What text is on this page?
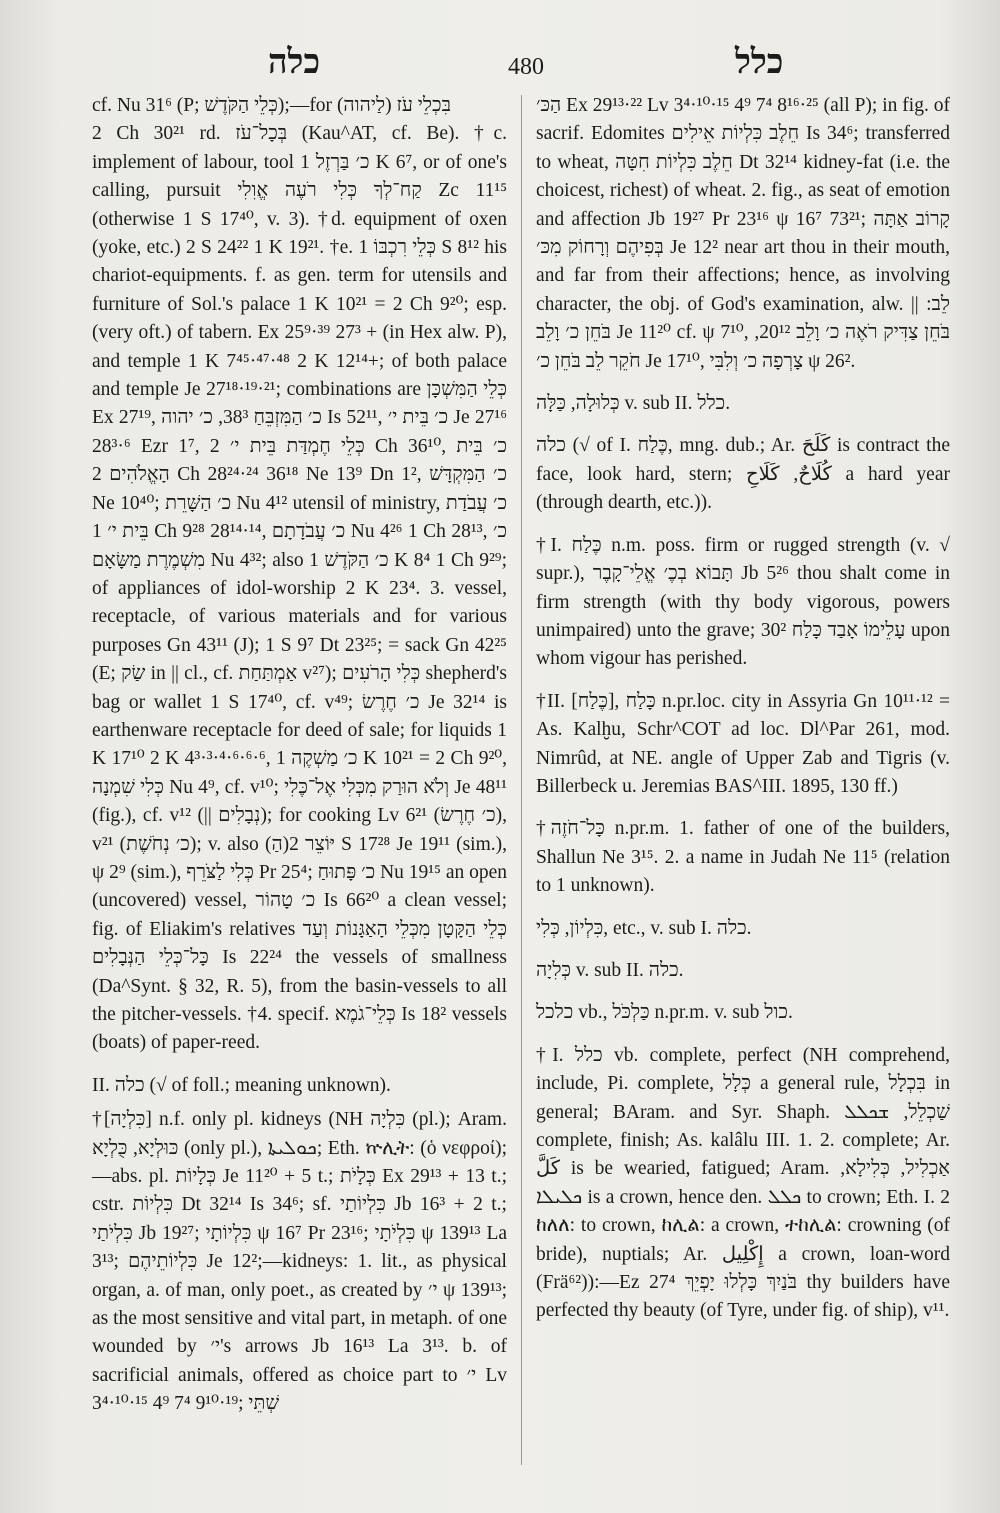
כלה	480	כלל

cf. Nu 31⁶ (P; כְּלֵי הַקֹּדֶשׁ);—for בִּכְלֵי עֹז (לַיהוה)

2 Ch 30²¹ rd. בְּכָל־עֹז (Kau^AT, cf. Be). †c. implement of labour, tool כ׳ בַּרְזֶל 1 K 6⁷, or of one's calling, pursuit קַח־לְךָ כְּלִי רֹעֶה אֱוִלִי Zc 11¹⁵ (otherwise 1 S 17⁴⁰, v. 3). †d. equipment of oxen (yoke, etc.) 2 S 24²² 1 K 19²¹. †e. כְּלֵי רִכְבּוֹ 1 S 8¹² his chariot-equipments. f. as gen. term for utensils and furniture of Sol.'s palace 1 K 10²¹ = 2 Ch 9²⁰; esp. (very oft.) of tabern. Ex 25⁹·³⁹ 27³ + (in Hex alw. P), and temple 1 K 7⁴⁵·⁴⁷·⁴⁸ 2 K 12¹⁴+; of both palace and temple Je 27¹⁸·¹⁹·²¹; combinations are כְּלֵי הַמִּשְׁכָּן Ex 27¹⁹, כ׳ הַמִּזְבֵּחַ 38³, כ׳ יהוה Is 52¹¹, כ׳ בֵּית י׳ Je 27¹⁶ 28³·⁶ Ezr 1⁷, כְּלֵי חֶמְדַּת בֵּית י׳ 2 Ch 36¹⁰, כ׳ בֵּית הָאֱלֹהִים 2 Ch 28²⁴·²⁴ 36¹⁸ Ne 13⁹ Dn 1², כ׳ הַמִּקְדָּשׁ Ne 10⁴⁰; כ׳ הַשָּׁרֵת Nu 4¹² utensil of ministry, כ׳ עֲבֹדַת בֵּית י׳ 1 Ch 9²⁸ 28¹⁴·¹⁴, כ׳ עֲבֹדָתָם Nu 4²⁶ 1 Ch 28¹³, כ׳ מִשְׁמֶרֶת מַשָּׂאָם Nu 4³²; also כ׳ הַקֹּדֶשׁ 1 K 8⁴ 1 Ch 9²⁹; of appliances of idol-worship 2 K 23⁴. 3. vessel, receptacle, of various materials and for various purposes Gn 43¹¹ (J); 1 S 9⁷ Dt 23²⁵; = sack Gn 42²⁵ (E; שַׂק in || cl., cf. אַמְתַּחַת v²⁷); כְּלִי הָרֹעִים shepherd's bag or wallet 1 S 17⁴⁰, cf. v⁴⁹; כ׳ חֶרֶשׂ Je 32¹⁴ is earthenware receptacle for deed of sale; for liquids 1 K 17¹⁰ 2 K 4³·³·⁴·⁶·⁶·⁶, כ׳ מַשְׁקֶה 1 K 10²¹ = 2 Ch 9²⁰, כְּלִי שִׁמְנָה Nu 4⁹, cf. v¹⁰; וְלֹא הוּרַק מִכְּלִי אֶל־כֶּלִי Je 48¹¹ (fig.), cf. v¹² (|| נְבָלִים); for cooking Lv 6²¹ (כ׳ חֶרֶשׂ), v²¹ (כ׳ נְחֹשֶׁת); v. also (הַ)יּוֹצֵר 2 S 17²⁸ Je 19¹¹ (sim.), ψ 2⁹ (sim.), כְּלִי לַצֹּרֵף Pr 25⁴; כ׳ פָּתוּחַ Nu 19¹⁵ an open (uncovered) vessel, כ׳ טָהוֹר Is 66²⁰ a clean vessel; fig. of Eliakim's relatives כְּלֵי הַקָּטָן מִכְּלֵי הָאַגָּנוֹת וְעַד כָּל־כְּלֵי הַנְּבָלִים Is 22²⁴ the vessels of smallness (Da^Synt. § 32, R. 5), from the basin-vessels to all the pitcher-vessels. †4. specif. כְּלֵי־גֹמֶא Is 18² vessels (boats) of paper-reed.

II. כלה (√ of foll.; meaning unknown).

†[כִּלְיָה] n.f. only pl. kidneys (NH כִּלְיָה (pl.); Aram. כּוּלְיָא, כֻּלְיָא (only pl.), ܟܘܠܝܬܐ; Eth. ኵሊት: (ὁ νεφρoί);—abs. pl. כְּלָיוֹת Je 11²⁰ + 5 t.; כְּלָיֹת Ex 29¹³ + 13 t.; cstr. כִּלְיוֹת Dt 32¹⁴ Is 34⁶; sf. כִּלְיוֹתַי Jb 16³ + 2 t.; כִּלְיֹתַי Jb 19²⁷; כִּלְיוֹתָי ψ 16⁷ Pr 23¹⁶; כִּלְיֹתָי ψ 139¹³ La 3¹³; כִּלְיוֹתֵיהֶם Je 12²;—kidneys: 1. lit., as physical organ, a. of man, only poet., as created by י׳ ψ 139¹³; as the most sensitive and vital part, in metaph. of one wounded by י׳'s arrows Jb 16¹³ La 3¹³. b. of sacrificial animals, offered as choice part to י׳ Lv 3⁴·¹⁰·¹⁵ 4⁹ 7⁴ 9¹⁰·¹⁹; שְׁתֵּי

הַכּ׳ Ex 29¹³·²² Lv 3⁴·¹⁰·¹⁵ 4⁹ 7⁴ 8¹⁶·²⁵ (all P); in fig. of sacrif. Edomites חֵלֶב כִּלְיוֹת אֵילִים Is 34⁶; transferred to wheat, חֵלֶב כִּלְיוֹת חִטָּה Dt 32¹⁴ kidney-fat (i.e. the choicest, richest) of wheat. 2. fig., as seat of emotion and affection Jb 19²⁷ Pr 23¹⁶ ψ 16⁷ 73²¹; קָרוֹב אַתָּה בְּפִיהֶם וְרָחוֹק מִכּ׳ Je 12² near art thou in their mouth, and far from their affections; hence, as involving character, the obj. of God's examination, alw. || לֵב: בֹּחֵן כ׳ וָלֵב Je 11²⁰ cf. ψ 7¹⁰, בֹּחֵן צַדִּיק רֹאֶה כ׳ וָלֵב 20¹², חֹקֵר לֵב בֹּחֵן כ׳ Je 17¹⁰, צָרְפָה כ׳ וְלִבִּי ψ 26².

כְּלוּלָה, כַּלָּה v. sub II. כלל.

כלה (√ of I. כֶּלַח, mng. dub.; Ar. كَلَحَ is contract the face, look hard, stern; كُلَاحٌ, كَلَاحِ a hard year (through dearth, etc.)).

†I. כֶּלַח n.m. poss. firm or rugged strength (v. √ supr.), תָּבוֹא בְכֶ׳ אֱלֵי־קָבֶר Jb 5²⁶ thou shalt come in firm strength (with thy body vigorous, powers unimpaired) unto the grave; עָלֵימוֹ אָבַד כָּלַח 30² upon whom vigour has perished.

†II. [כֶּלַח], כָּלַח n.pr.loc. city in Assyria Gn 10¹¹·¹² = As. Kalḫu, Schr^COT ad loc. Dl^Par 261, mod. Nimrûd, at NE. angle of Upper Zab and Tigris (v. Billerbeck u. Jeremias BAS^III. 1895, 130 ff.)

†כָּל־חֹזֶה n.pr.m. 1. father of one of the builders, Shallun Ne 3¹⁵. 2. a name in Judah Ne 11⁵ (relation to 1 unknown).

כִּלְיוֹן, כְּלִי, etc., v. sub I. כלה.

כְּלִיָה v. sub II. כלה.

כלכל vb., כַּלְכֹּל n.pr.m. v. sub כול.

†I. כלל vb. complete, perfect (NH comprehend, include, Pi. complete, כְּלָל a general rule, בִּכְלָל in general; BAram. and Syr. Shaph. שַׁכְלֵל, ܫܟܠܠ complete, finish; As. kalâlu III. 1. 2. complete; Ar. كَلَّ is be wearied, fatigued; Aram. אַכְלִיל, כְּלִילָא, ܟܠܝܠܐ is a crown, hence den. ܟܠܠ to crown; Eth. I. 2 ከለለ: to crown, ከሊል: a crown, ተከሊል: crowning (of bride), nuptials; Ar. إِكْلِيل a crown, loan-word (Frä⁶²)):—Ez 27⁴ בֹּנַיִךְ כָּלְלוּ יָפְיֵךְ thy builders have perfected thy beauty (of Tyre, under fig. of ship), v¹¹.
